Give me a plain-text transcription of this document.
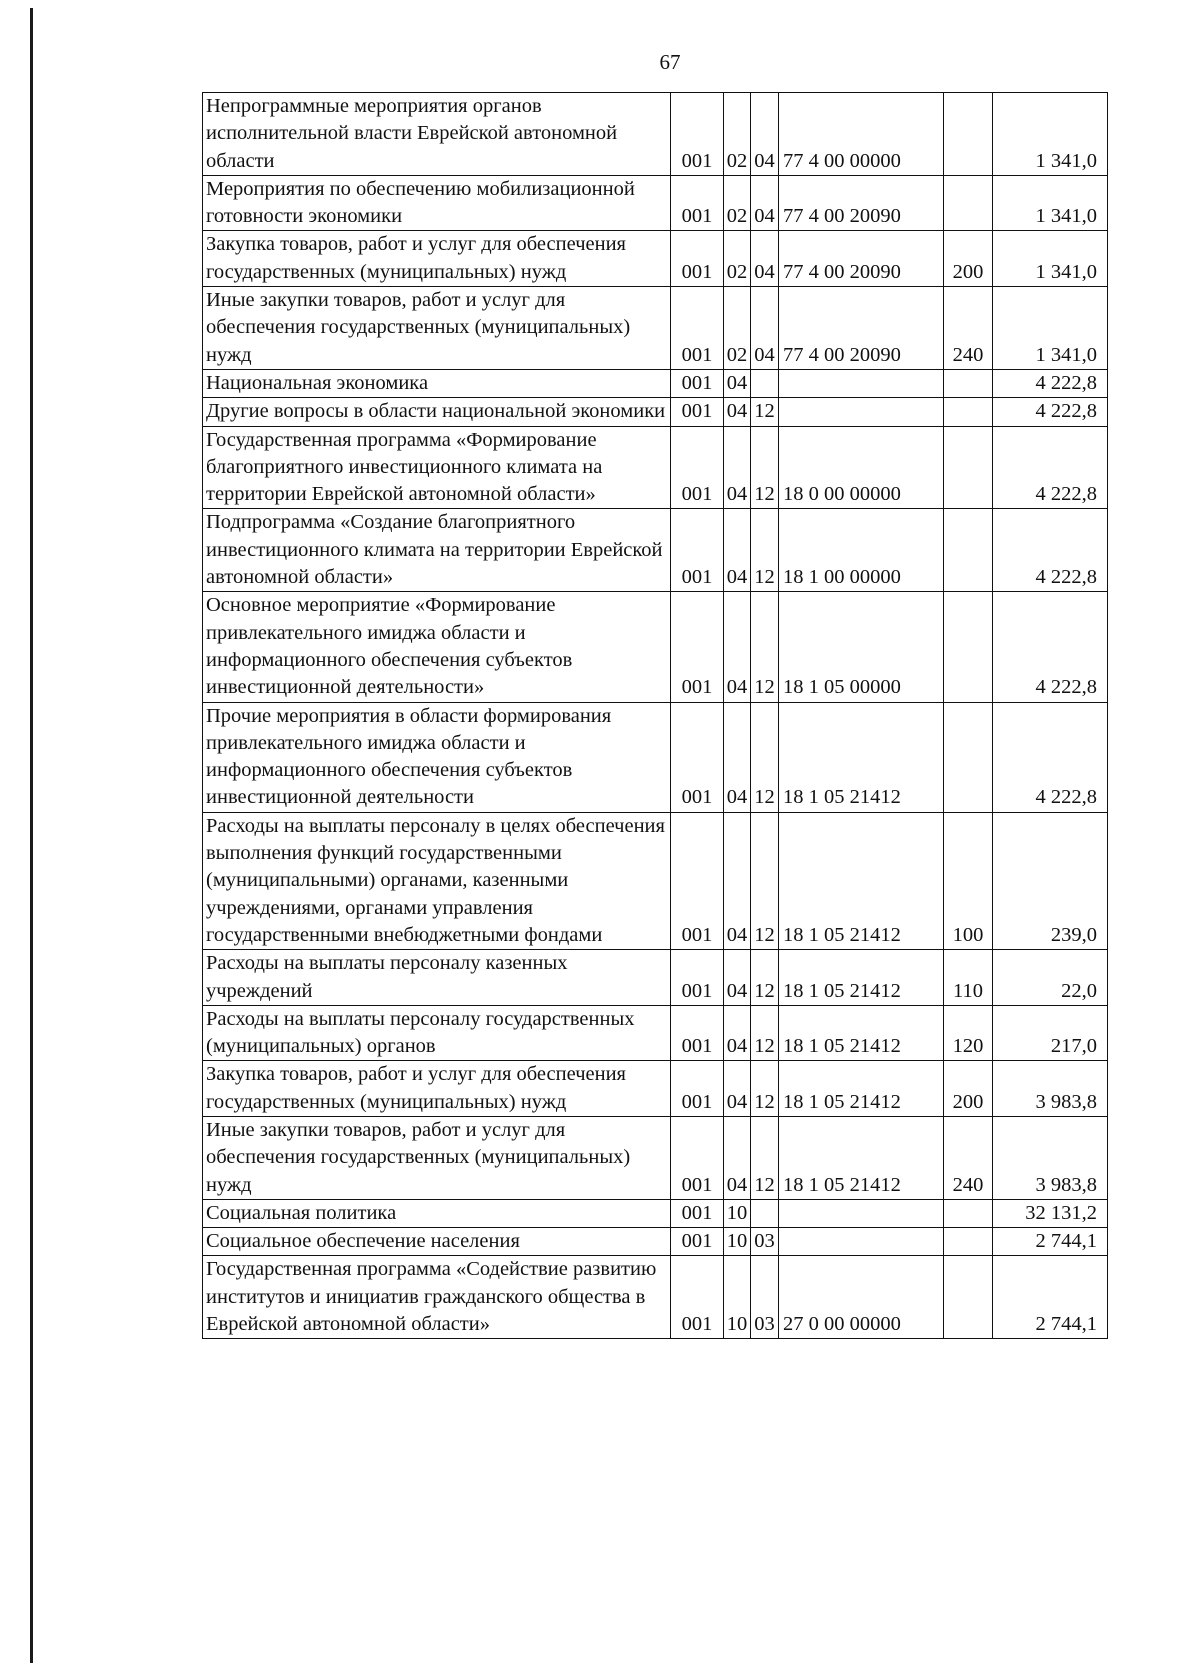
67
Непрограммные мероприятия органов исполнительной власти Еврейской автономной области	001	02	04	77 4 00 00000		1 341,0
Мероприятия по обеспечению мобилизационной готовности экономики	001	02	04	77 4 00 20090		1 341,0
Закупка товаров, работ и услуг для обеспечения государственных (муниципальных) нужд	001	02	04	77 4 00 20090	200	1 341,0
Иные закупки товаров, работ и услуг для обеспечения государственных (муниципальных) нужд	001	02	04	77 4 00 20090	240	1 341,0
Национальная экономика	001	04				4 222,8
Другие вопросы в области национальной экономики	001	04	12			4 222,8
Государственная программа «Формирование благоприятного инвестиционного климата на территории Еврейской автономной области»	001	04	12	18 0 00 00000		4 222,8
Подпрограмма «Создание благоприятного инвестиционного климата на территории Еврейской автономной области»	001	04	12	18 1 00 00000		4 222,8
Основное мероприятие «Формирование привлекательного имиджа области и информационного обеспечения субъектов инвестиционной деятельности»	001	04	12	18 1 05 00000		4 222,8
Прочие мероприятия в области формирования привлекательного имиджа области и информационного обеспечения субъектов инвестиционной деятельности	001	04	12	18 1 05 21412		4 222,8
Расходы на выплаты персоналу в целях обеспечения выполнения функций государственными (муниципальными) органами, казенными учреждениями, органами управления государственными внебюджетными фондами	001	04	12	18 1 05 21412	100	239,0
Расходы на выплаты персоналу казенных учреждений	001	04	12	18 1 05 21412	110	22,0
Расходы на выплаты персоналу государственных (муниципальных) органов	001	04	12	18 1 05 21412	120	217,0
Закупка товаров, работ и услуг для обеспечения государственных (муниципальных) нужд	001	04	12	18 1 05 21412	200	3 983,8
Иные закупки товаров, работ и услуг для обеспечения государственных (муниципальных) нужд	001	04	12	18 1 05 21412	240	3 983,8
Социальная политика	001	10				32 131,2
Социальное обеспечение населения	001	10	03			2 744,1
Государственная программа «Содействие развитию институтов и инициатив гражданского общества в Еврейской автономной области»	001	10	03	27 0 00 00000		2 744,1
